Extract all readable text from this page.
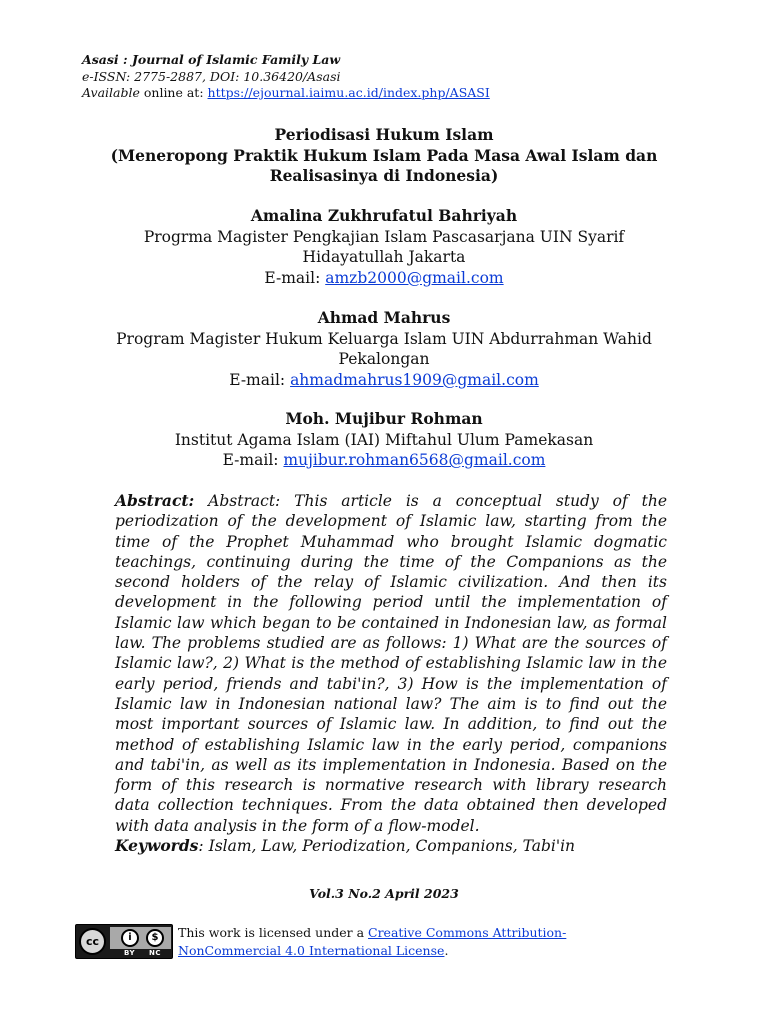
Asasi : Journal of Islamic Family Law
e-ISSN: 2775-2887, DOI: 10.36420/Asasi
Available online at: https://ejournal.iaimu.ac.id/index.php/ASASI
Periodisasi Hukum Islam
(Meneropong Praktik Hukum Islam Pada Masa Awal Islam dan
Realisasinya di Indonesia)
Amalina Zukhrufatul Bahriyah
Progrma Magister Pengkajian Islam Pascasarjana UIN Syarif
Hidayatullah Jakarta
E-mail: amzb2000@gmail.com
Ahmad Mahrus
Program Magister Hukum Keluarga Islam UIN Abdurrahman Wahid
Pekalongan
E-mail: ahmadmahrus1909@gmail.com
Moh. Mujibur Rohman
Institut Agama Islam (IAI) Miftahul Ulum Pamekasan
E-mail: mujibur.rohman6568@gmail.com
Abstract: Abstract: This article is a conceptual study of the periodization of the development of Islamic law, starting from the time of the Prophet Muhammad who brought Islamic dogmatic teachings, continuing during the time of the Companions as the second holders of the relay of Islamic civilization. And then its development in the following period until the implementation of Islamic law which began to be contained in Indonesian law, as formal law. The problems studied are as follows: 1) What are the sources of Islamic law?, 2) What is the method of establishing Islamic law in the early period, friends and tabi'in?, 3) How is the implementation of Islamic law in Indonesian national law? The aim is to find out the most important sources of Islamic law. In addition, to find out the method of establishing Islamic law in the early period, companions and tabi'in, as well as its implementation in Indonesia. Based on the form of this research is normative research with library research data collection techniques. From the data obtained then developed with data analysis in the form of a flow-model.
Keywords: Islam, Law, Periodization, Companions, Tabi'in
Vol.3 No.2 April 2023
cc	i	$
BY NC
This work is licensed under a Creative Commons Attribution-
NonCommercial 4.0 International License.
